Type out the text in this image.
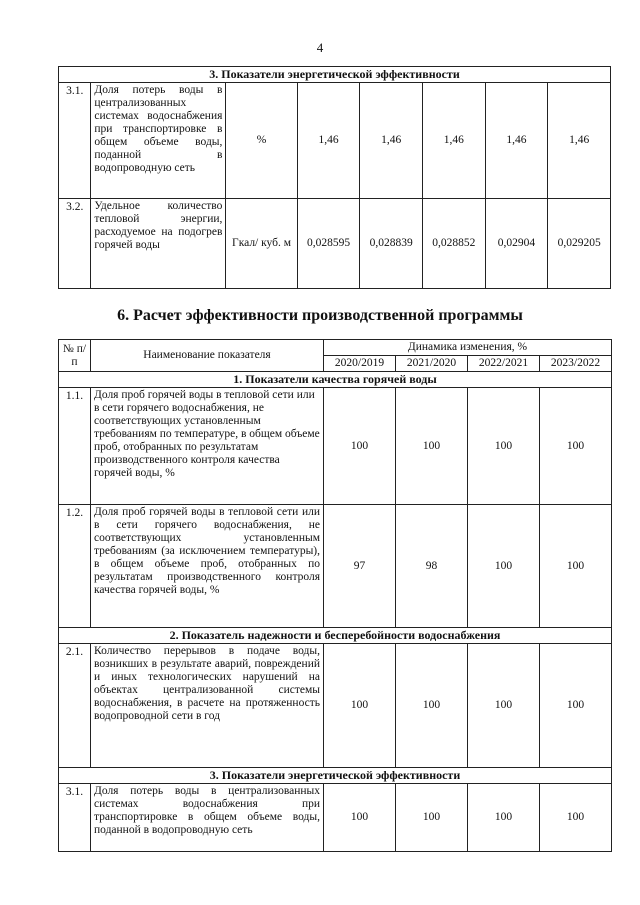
4
3. Показатели энергетической эффективности							
3.1.	Доля потерь воды в централизованных системах водоснабжения при транспортировке в общем объеме воды, поданной в водопроводную сеть	%	1,46	1,46	1,46	1,46	1,46
3.2.	Удельное количество тепловой энергии, расходуемое на подогрев горячей воды	Гкал/ куб. м	0,028595	0,028839	0,028852	0,02904	0,029205
6. Расчет эффективности производственной программы
№ п/п	Наименование показателя	Динамика изменения, %			
		2020/2019	2021/2020	2022/2021	2023/2022
1. Показатели качества горячей воды					
1.1.	Доля проб горячей воды в тепловой сети или в сети горячего водоснабжения, не соответствующих установленным требованиям по температуре, в общем объеме проб, отобранных по результатам производственного контроля качества горячей воды, %	100	100	100	100
1.2.	Доля проб горячей воды в тепловой сети или в сети горячего водоснабжения, не соответствующих установленным требованиям (за исключением температуры), в общем объеме проб, отобранных по результатам производственного контроля качества горячей воды, %	97	98	100	100
2. Показатель надежности и бесперебойности водоснабжения					
2.1.	Количество перерывов в подаче воды, возникших в результате аварий, повреждений и иных технологических нарушений на объектах централизованной системы водоснабжения, в расчете на протяженность водопроводной сети в год	100	100	100	100
3. Показатели энергетической эффективности					
3.1.	Доля потерь воды в централизованных системах водоснабжения при транспортировке в общем объеме воды, поданной в водопроводную сеть	100	100	100	100
